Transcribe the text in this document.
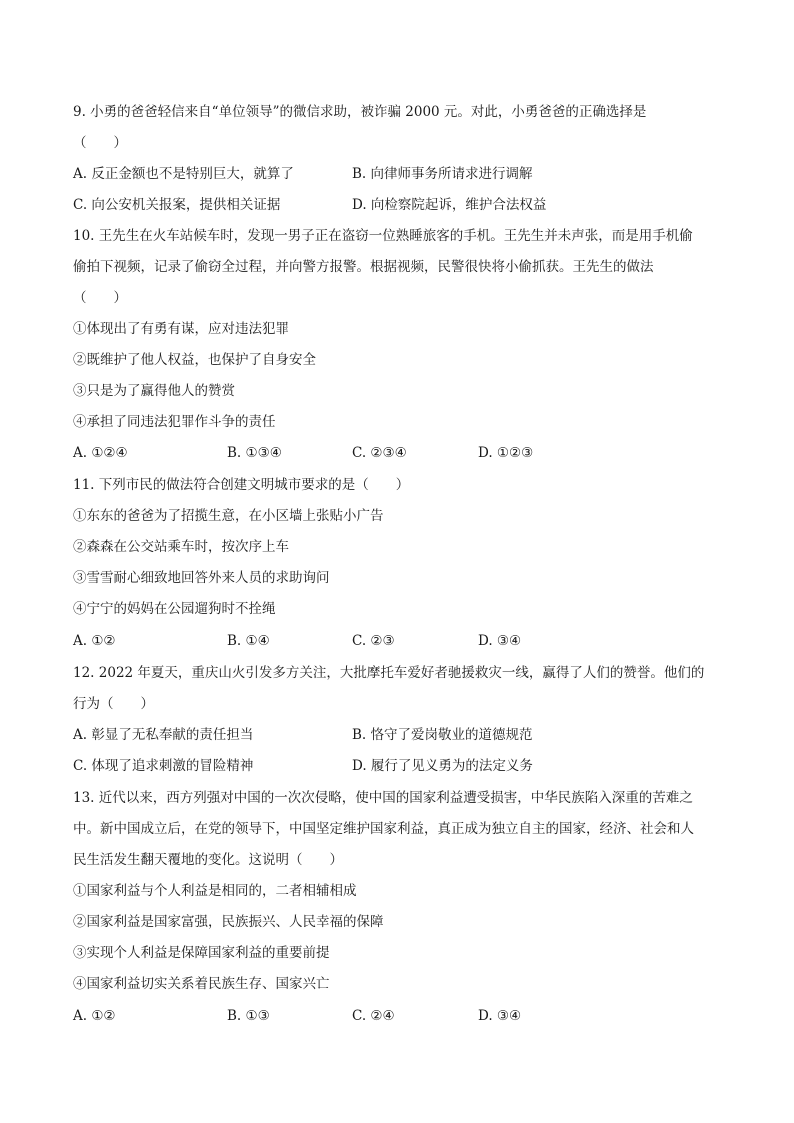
9. 小勇的爸爸轻信来自“单位领导”的微信求助，被诈骗 2000 元。对此，小勇爸爸的正确选择是
（　　）
A. 反正金额也不是特别巨大，就算了	B. 向律师事务所请求进行调解
C. 向公安机关报案，提供相关证据	D. 向检察院起诉，维护合法权益
10. 王先生在火车站候车时，发现一男子正在盗窃一位熟睡旅客的手机。王先生并未声张，而是用手机偷
偷拍下视频，记录了偷窃全过程，并向警方报警。根据视频，民警很快将小偷抓获。王先生的做法
（　　）
①体现出了有勇有谋，应对违法犯罪
②既维护了他人权益，也保护了自身安全
③只是为了赢得他人的赞赏
④承担了同违法犯罪作斗争的责任
A. ①②④	B. ①③④	C. ②③④	D. ①②③
11. 下列市民的做法符合创建文明城市要求的是（　　）
①东东的爸爸为了招揽生意，在小区墙上张贴小广告
②森森在公交站乘车时，按次序上车
③雪雪耐心细致地回答外来人员的求助询问
④宁宁的妈妈在公园遛狗时不拴绳
A. ①②	B. ①④	C. ②③	D. ③④
12. 2022 年夏天，重庆山火引发多方关注，大批摩托车爱好者驰援救灾一线，赢得了人们的赞誉。他们的
行为（　　）
A. 彰显了无私奉献的责任担当	B. 恪守了爱岗敬业的道德规范
C. 体现了追求刺激的冒险精神	D. 履行了见义勇为的法定义务
13. 近代以来，西方列强对中国的一次次侵略，使中国的国家利益遭受损害，中华民族陷入深重的苦难之
中。新中国成立后，在党的领导下，中国坚定维护国家利益，真正成为独立自主的国家，经济、社会和人
民生活发生翻天覆地的变化。这说明（　　）
①国家利益与个人利益是相同的，二者相辅相成
②国家利益是国家富强，民族振兴、人民幸福的保障
③实现个人利益是保障国家利益的重要前提
④国家利益切实关系着民族生存、国家兴亡
A. ①②	B. ①③	C. ②④	D. ③④
